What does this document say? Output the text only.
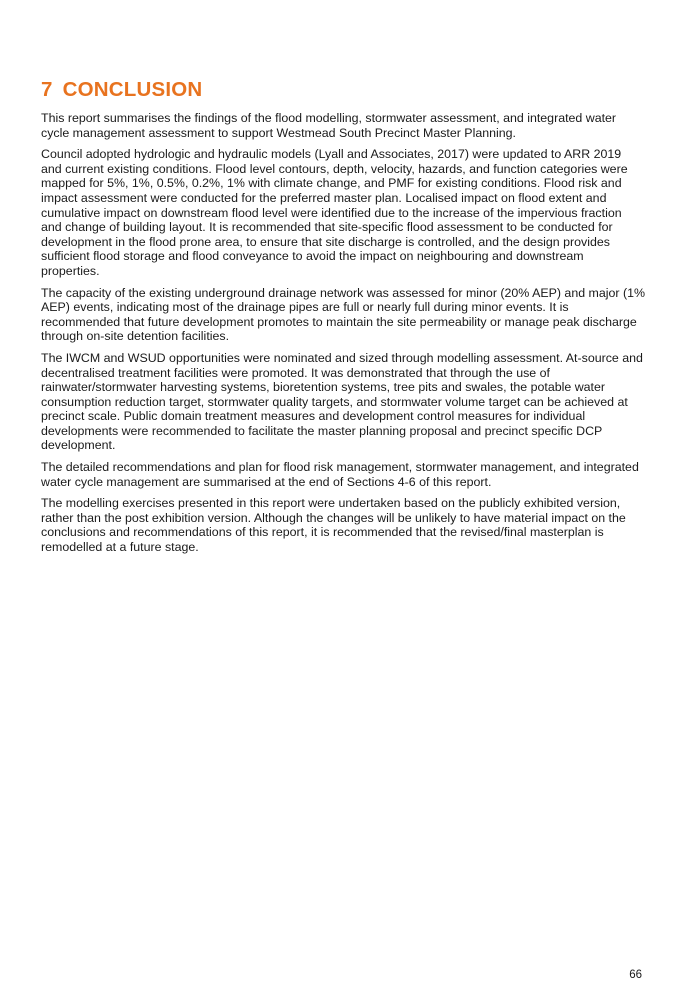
7 CONCLUSION

This report summarises the findings of the flood modelling, stormwater assessment, and integrated water cycle management assessment to support Westmead South Precinct Master Planning.

Council adopted hydrologic and hydraulic models (Lyall and Associates, 2017) were updated to ARR 2019 and current existing conditions. Flood level contours, depth, velocity, hazards, and function categories were mapped for 5%, 1%, 0.5%, 0.2%, 1% with climate change, and PMF for existing conditions. Flood risk and impact assessment were conducted for the preferred master plan. Localised impact on flood extent and cumulative impact on downstream flood level were identified due to the increase of the impervious fraction and change of building layout. It is recommended that site-specific flood assessment to be conducted for development in the flood prone area, to ensure that site discharge is controlled, and the design provides sufficient flood storage and flood conveyance to avoid the impact on neighbouring and downstream properties.

The capacity of the existing underground drainage network was assessed for minor (20% AEP) and major (1% AEP) events, indicating most of the drainage pipes are full or nearly full during minor events. It is recommended that future development promotes to maintain the site permeability or manage peak discharge through on-site detention facilities.

The IWCM and WSUD opportunities were nominated and sized through modelling assessment. At-source and decentralised treatment facilities were promoted. It was demonstrated that through the use of rainwater/stormwater harvesting systems, bioretention systems, tree pits and swales, the potable water consumption reduction target, stormwater quality targets, and stormwater volume target can be achieved at precinct scale. Public domain treatment measures and development control measures for individual developments were recommended to facilitate the master planning proposal and precinct specific DCP development.

The detailed recommendations and plan for flood risk management, stormwater management, and integrated water cycle management are summarised at the end of Sections 4-6 of this report.

The modelling exercises presented in this report were undertaken based on the publicly exhibited version, rather than the post exhibition version. Although the changes will be unlikely to have material impact on the conclusions and recommendations of this report, it is recommended that the revised/final masterplan is remodelled at a future stage.

66
